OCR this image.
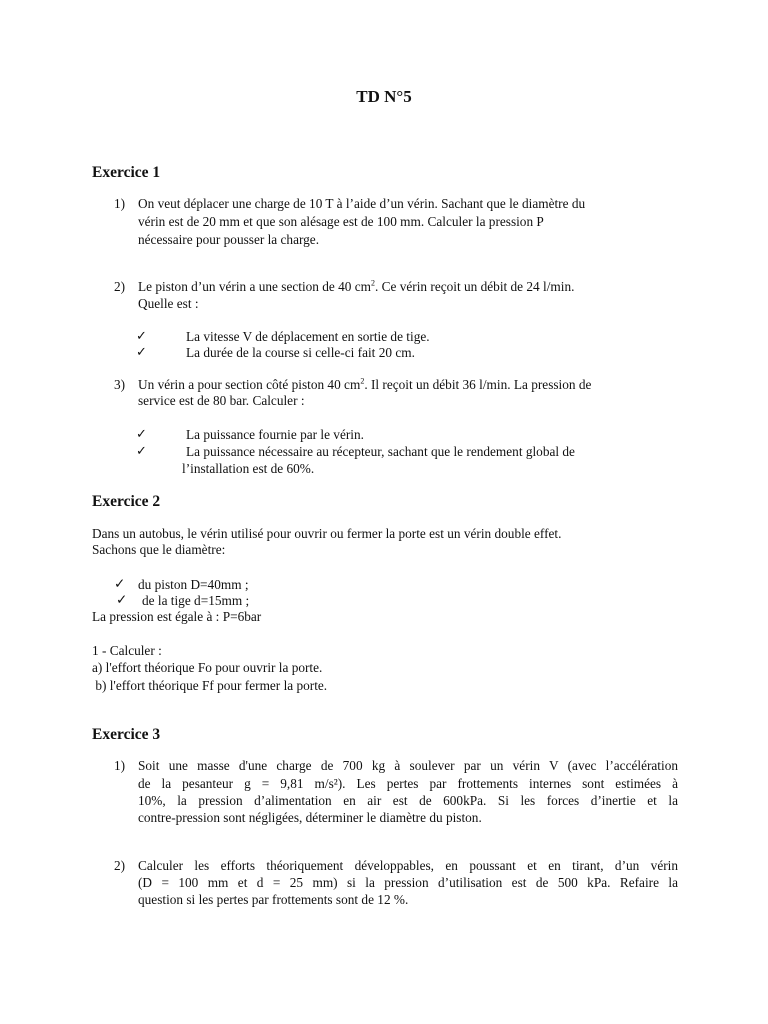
TD N°5
Exercice 1
1) On veut déplacer une charge de 10 T à l’aide d’un vérin. Sachant que le diamètre du
vérin est de 20 mm et que son alésage est de 100 mm. Calculer la pression P
nécessaire pour pousser la charge.
2) Le piston d’un vérin a une section de 40 $cm^2$. Ce vérin reçoit un débit de 24 l/min.
Quelle est :
✓	La vitesse V de déplacement en sortie de tige.
✓	La durée de la course si celle-ci fait 20 cm.
3) Un vérin a pour section côté piston 40 $cm^2$. Il reçoit un débit 36 l/min. La pression de
service est de 80 bar. Calculer :
✓	La puissance fournie par le vérin.
✓	La puissance nécessaire au récepteur, sachant que le rendement global de
l’installation est de 60%.
Exercice 2
Dans un autobus, le vérin utilisé pour ouvrir ou fermer la porte est un vérin double effet.
Sachons que le diamètre:
✓ du piston D=40mm ;
✓ de la tige d=15mm ;
La pression est égale à : P=6bar
1 - Calculer :
a) l'effort théorique Fo pour ouvrir la porte.
b) l'effort théorique Ff pour fermer la porte.
Exercice 3
1) Soit une masse d'une charge de 700 kg à soulever par un vérin V (avec l’accélération
de la pesanteur g = 9,81 m/s²). Les pertes par frottements internes sont estimées à
10%, la pression d’alimentation en air est de 600kPa. Si les forces d’inertie et la
contre-pression sont négligées, déterminer le diamètre du piston.
2) Calculer les efforts théoriquement développables, en poussant et en tirant, d’un vérin
(D = 100 mm et d = 25 mm) si la pression d’utilisation est de 500 kPa. Refaire la
question si les pertes par frottements sont de 12 %.
